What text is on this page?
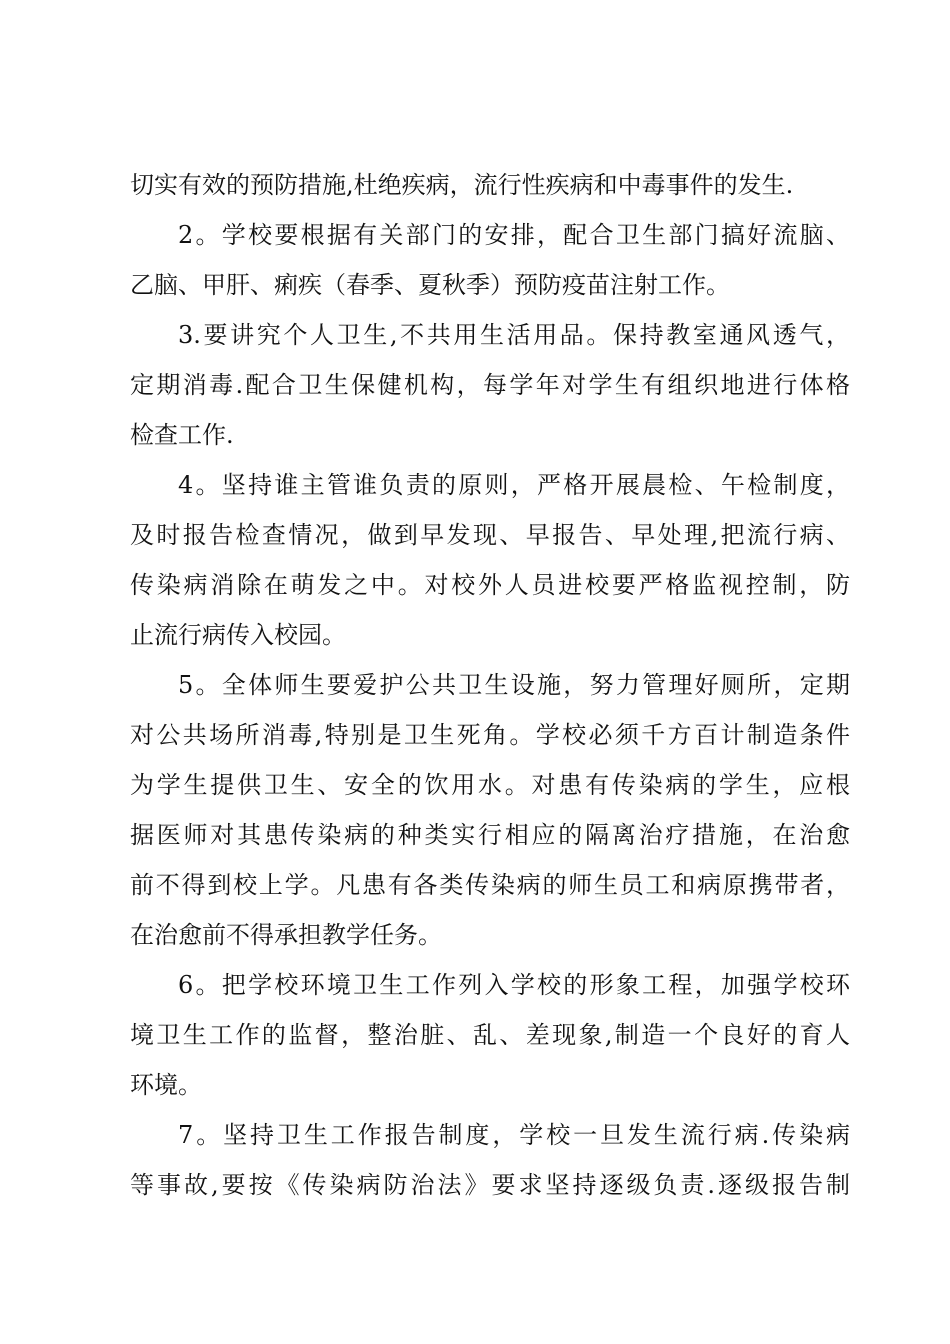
切实有效的预防措施,杜绝疾病，流行性疾病和中毒事件的发生.
2。学校要根据有关部门的安排，配合卫生部门搞好流脑、
乙脑、甲肝、痢疾（春季、夏秋季）预防疫苗注射工作。
3.要讲究个人卫生,不共用生活用品。保持教室通风透气，
定期消毒.配合卫生保健机构，每学年对学生有组织地进行体格
检查工作.
4。坚持谁主管谁负责的原则，严格开展晨检、午检制度，
及时报告检查情况，做到早发现、早报告、早处理,把流行病、
传染病消除在萌发之中。对校外人员进校要严格监视控制，防
止流行病传入校园。
5。全体师生要爱护公共卫生设施，努力管理好厕所，定期
对公共场所消毒,特别是卫生死角。学校必须千方百计制造条件
为学生提供卫生、安全的饮用水。对患有传染病的学生，应根
据医师对其患传染病的种类实行相应的隔离治疗措施，在治愈
前不得到校上学。凡患有各类传染病的师生员工和病原携带者，
在治愈前不得承担教学任务。
6。把学校环境卫生工作列入学校的形象工程，加强学校环
境卫生工作的监督，整治脏、乱、差现象,制造一个良好的育人
环境。
7。坚持卫生工作报告制度，学校一旦发生流行病.传染病
等事故,要按《传染病防治法》要求坚持逐级负责.逐级报告制
